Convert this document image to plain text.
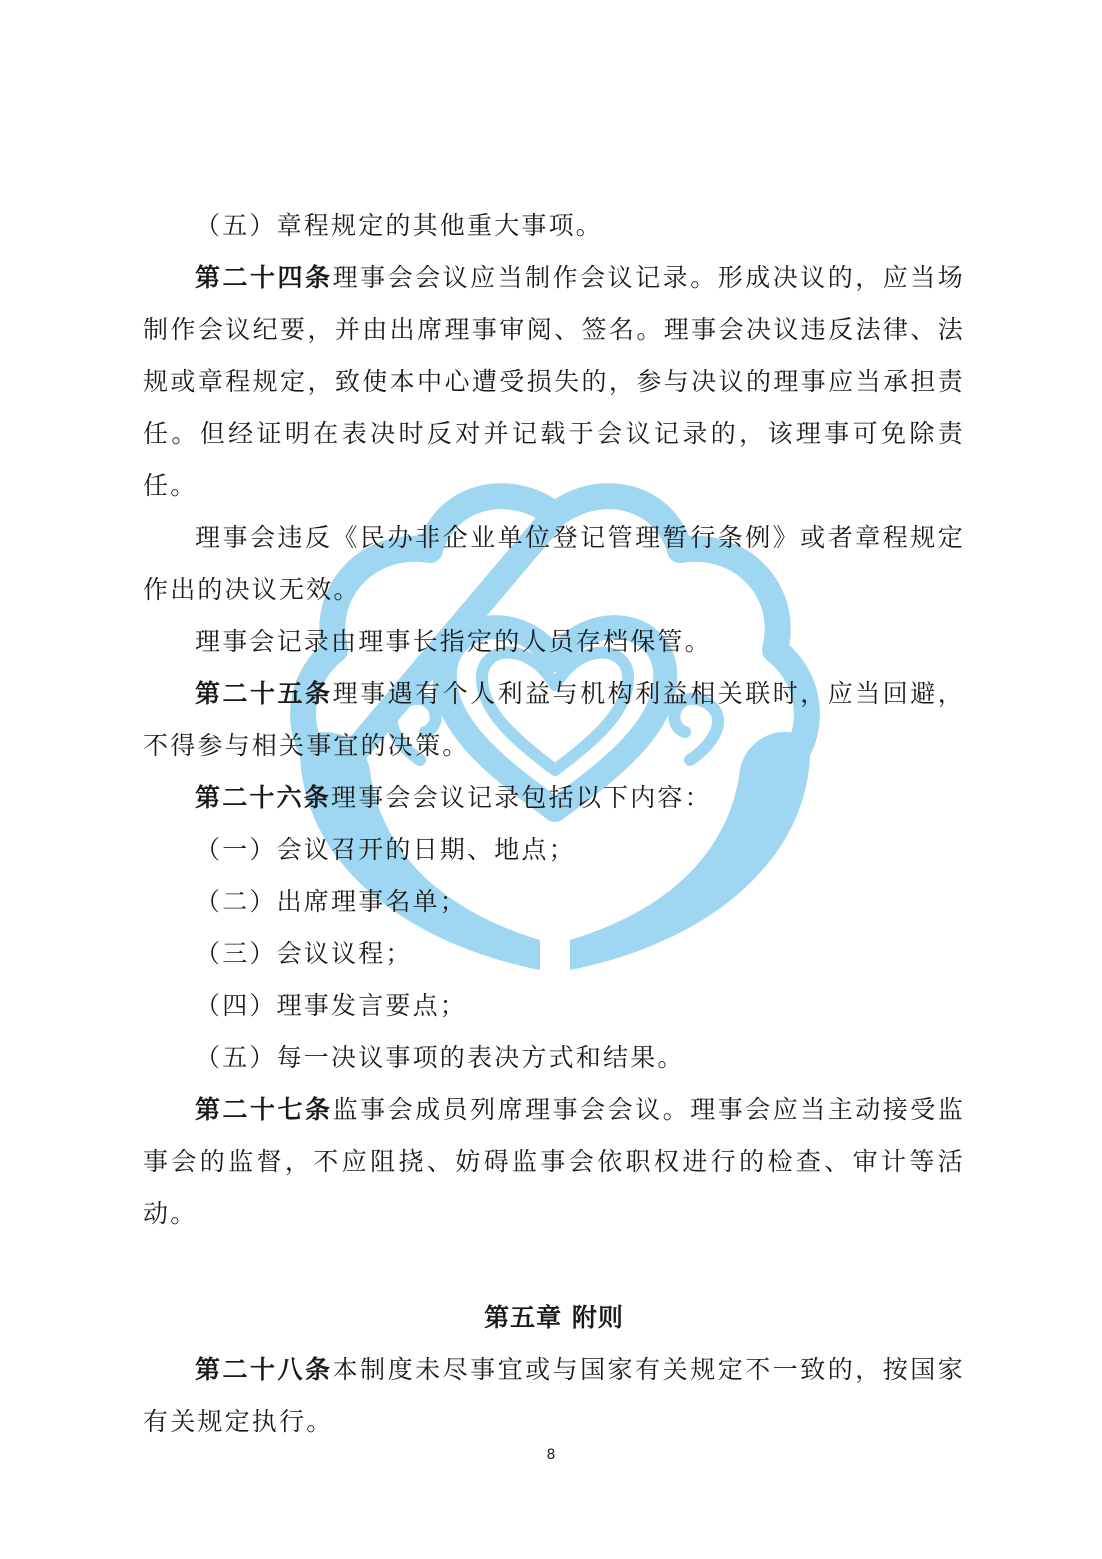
（五）章程规定的其他重大事项。

第二十四条理事会会议应当制作会议记录。形成决议的，应当场制作会议纪要，并由出席理事审阅、签名。理事会决议违反法律、法规或章程规定，致使本中心遭受损失的，参与决议的理事应当承担责任。但经证明在表决时反对并记载于会议记录的，该理事可免除责任。

理事会违反《民办非企业单位登记管理暂行条例》或者章程规定作出的决议无效。

理事会记录由理事长指定的人员存档保管。

第二十五条理事遇有个人利益与机构利益相关联时，应当回避，不得参与相关事宜的决策。

第二十六条理事会会议记录包括以下内容：

（一）会议召开的日期、地点；

（二）出席理事名单；

（三）会议议程；

（四）理事发言要点；

（五）每一决议事项的表决方式和结果。

第二十七条监事会成员列席理事会会议。理事会应当主动接受监事会的监督，不应阻挠、妨碍监事会依职权进行的检查、审计等活动。

第五章 附则

第二十八条本制度未尽事宜或与国家有关规定不一致的，按国家有关规定执行。

8
